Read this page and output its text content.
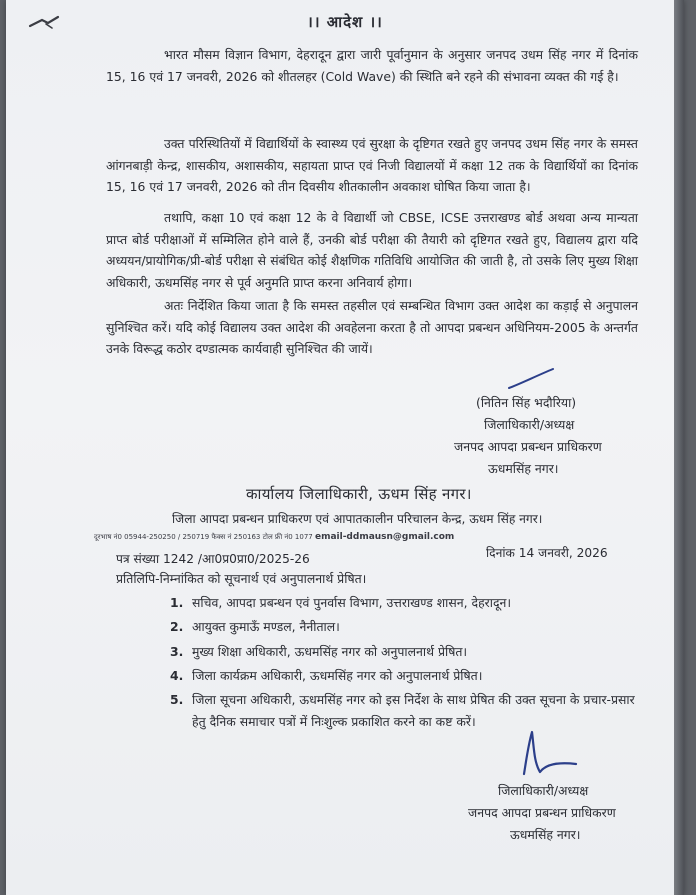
।। आदेश ।।

भारत मौसम विज्ञान विभाग, देहरादून द्वारा जारी पूर्वानुमान के अनुसार जनपद उधम सिंह नगर में दिनांक 15, 16 एवं 17 जनवरी, 2026 को शीतलहर (Cold Wave) की स्थिति बने रहने की संभावना व्यक्त की गई है।

उक्त परिस्थितियों में विद्यार्थियों के स्वास्थ्य एवं सुरक्षा के दृष्टिगत रखते हुए जनपद उधम सिंह नगर के समस्त आंगनबाड़ी केन्द्र, शासकीय, अशासकीय, सहायता प्राप्त एवं निजी विद्यालयों में कक्षा 12 तक के विद्यार्थियों का दिनांक 15, 16 एवं 17 जनवरी, 2026 को तीन दिवसीय शीतकालीन अवकाश घोषित किया जाता है।

तथापि, कक्षा 10 एवं कक्षा 12 के वे विद्यार्थी जो CBSE, ICSE उत्तराखण्ड बोर्ड अथवा अन्य मान्यता प्राप्त बोर्ड परीक्षाओं में सम्मिलित होने वाले हैं, उनकी बोर्ड परीक्षा की तैयारी को दृष्टिगत रखते हुए, विद्यालय द्वारा यदि अध्ययन/प्रायोगिक/प्री-बोर्ड परीक्षा से संबंधित कोई शैक्षणिक गतिविधि आयोजित की जाती है, तो उसके लिए मुख्य शिक्षा अधिकारी, ऊधमसिंह नगर से पूर्व अनुमति प्राप्त करना अनिवार्य होगा।

अतः निर्देशित किया जाता है कि समस्त तहसील एवं सम्बन्धित विभाग उक्त आदेश का कड़ाई से अनुपालन सुनिश्चित करें। यदि कोई विद्यालय उक्त आदेश की अवहेलना करता है तो आपदा प्रबन्धन अधिनियम-2005 के अन्तर्गत उनके विरूद्ध कठोर दण्डात्मक कार्यवाही सुनिश्चित की जायें।

(नितिन सिंह भदौरिया)
जिलाधिकारी/अध्यक्ष
जनपद आपदा प्रबन्धन प्राधिकरण
ऊधमसिंह नगर।
कार्यालय जिलाधिकारी, ऊधम सिंह नगर।
जिला आपदा प्रबन्धन प्राधिकरण एवं आपातकालीन परिचालन केन्द्र, ऊधम सिंह नगर।
दूरभाष नं0 05944-250250 / 250719 फैक्स नं 250163 टोल फ्री नं0 1077 email-ddmausn@gmail.com
पत्र संख्या 1242 /आ0प्र0प्रा0/2025-26	दिनांक 14 जनवरी, 2026
प्रतिलिपि-निम्नांकित को सूचनार्थ एवं अनुपालनार्थ प्रेषित।
1. सचिव, आपदा प्रबन्धन एवं पुनर्वास विभाग, उत्तराखण्ड शासन, देहरादून।
2. आयुक्त कुमाऊँ मण्डल, नैनीताल।
3. मुख्य शिक्षा अधिकारी, ऊधमसिंह नगर को अनुपालनार्थ प्रेषित।
4. जिला कार्यक्रम अधिकारी, ऊधमसिंह नगर को अनुपालनार्थ प्रेषित।
5. जिला सूचना अधिकारी, ऊधमसिंह नगर को इस निर्देश के साथ प्रेषित की उक्त सूचना के प्रचार-प्रसार हेतु दैनिक समाचार पत्रों में निःशुल्क प्रकाशित करने का कष्ट करें।
जिलाधिकारी/अध्यक्ष
जनपद आपदा प्रबन्धन प्राधिकरण
ऊधमसिंह नगर।
